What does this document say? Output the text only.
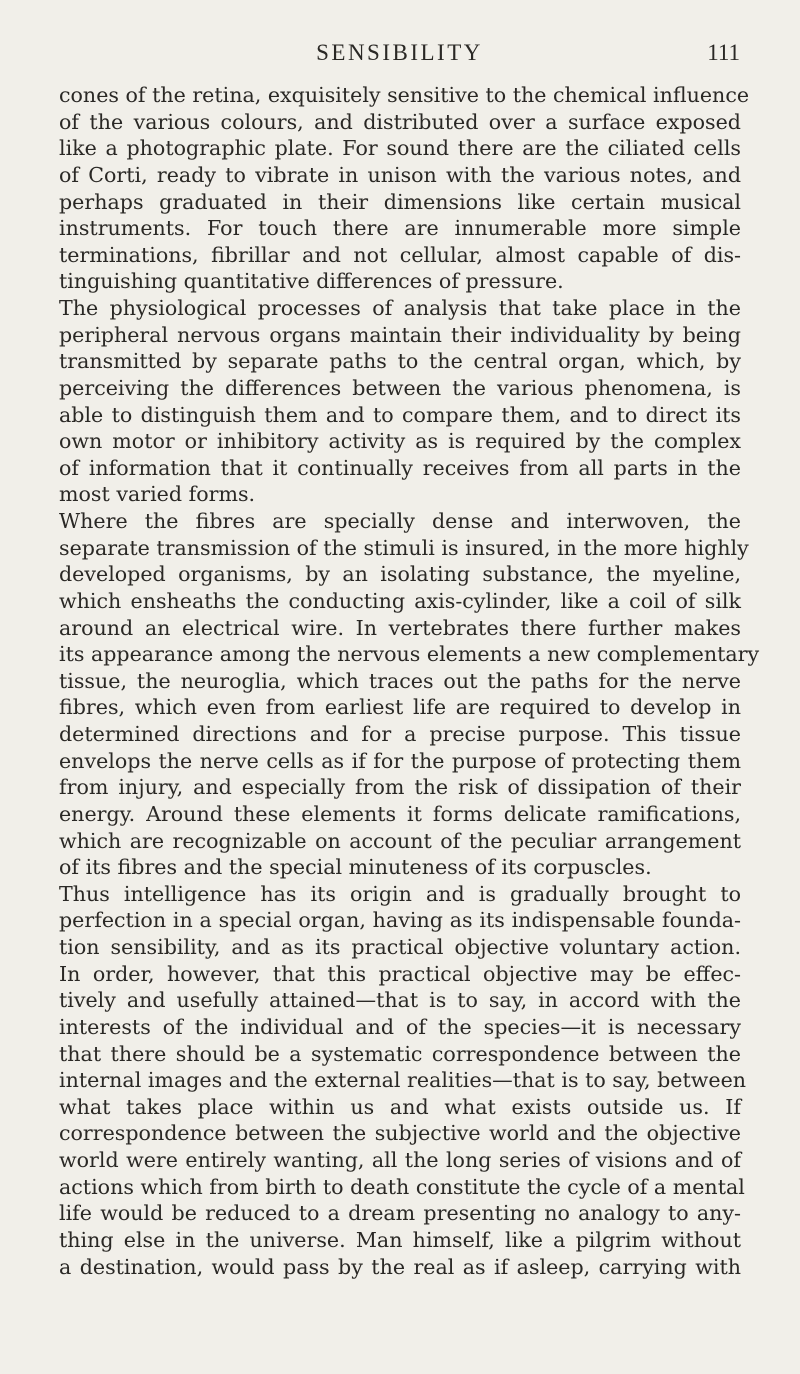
SENSIBILITY	111
cones of the retina, exquisitely sensitive to the chemical influence
of the various colours, and distributed over a surface exposed
like a photographic plate. For sound there are the ciliated cells
of Corti, ready to vibrate in unison with the various notes, and
perhaps graduated in their dimensions like certain musical
instruments. For touch there are innumerable more simple
terminations, fibrillar and not cellular, almost capable of dis-
tinguishing quantitative differences of pressure.
The physiological processes of analysis that take place in the
peripheral nervous organs maintain their individuality by being
transmitted by separate paths to the central organ, which, by
perceiving the differences between the various phenomena, is
able to distinguish them and to compare them, and to direct its
own motor or inhibitory activity as is required by the complex
of information that it continually receives from all parts in the
most varied forms.
Where the fibres are specially dense and interwoven, the
separate transmission of the stimuli is insured, in the more highly
developed organisms, by an isolating substance, the myeline,
which ensheaths the conducting axis-cylinder, like a coil of silk
around an electrical wire. In vertebrates there further makes
its appearance among the nervous elements a new complementary
tissue, the neuroglia, which traces out the paths for the nerve
fibres, which even from earliest life are required to develop in
determined directions and for a precise purpose. This tissue
envelops the nerve cells as if for the purpose of protecting them
from injury, and especially from the risk of dissipation of their
energy. Around these elements it forms delicate ramifications,
which are recognizable on account of the peculiar arrangement
of its fibres and the special minuteness of its corpuscles.
Thus intelligence has its origin and is gradually brought to
perfection in a special organ, having as its indispensable founda-
tion sensibility, and as its practical objective voluntary action.
In order, however, that this practical objective may be effec-
tively and usefully attained—that is to say, in accord with the
interests of the individual and of the species—it is necessary
that there should be a systematic correspondence between the
internal images and the external realities—that is to say, between
what takes place within us and what exists outside us. If
correspondence between the subjective world and the objective
world were entirely wanting, all the long series of visions and of
actions which from birth to death constitute the cycle of a mental
life would be reduced to a dream presenting no analogy to any-
thing else in the universe. Man himself, like a pilgrim without
a destination, would pass by the real as if asleep, carrying with
